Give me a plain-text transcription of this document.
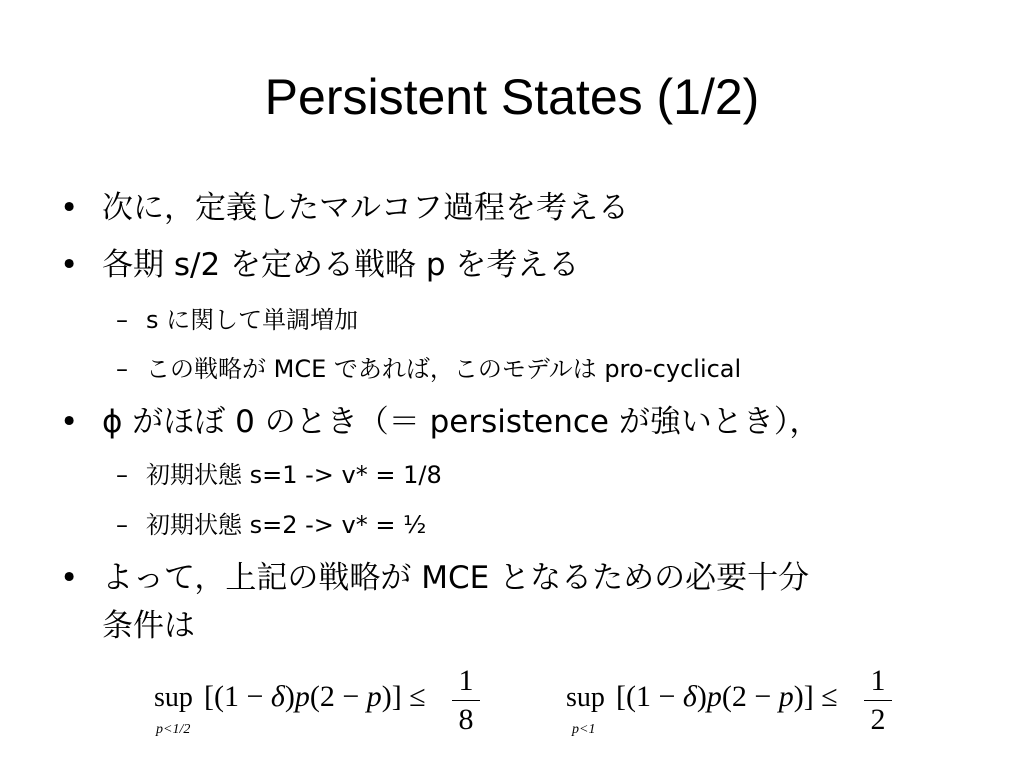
Persistent States (1/2)
• 次に，定義したマルコフ過程を考える
• 各期 s/2 を定める戦略 p を考える
– s に関して単調増加
– この戦略が MCE であれば，このモデルは pro-cyclical
• ϕ がほぼ 0 のとき（＝ persistence が強いとき），
– 初期状態 s=1 -> v* = 1/8
– 初期状態 s=2 -> v* = ½
• よって，上記の戦略が MCE となるための必要十分
条件は
sup
p<1/2
[(1 − δ)p(2 − p)] ≤ 1
8
sup
p<1
[(1 − δ)p(2 − p)] ≤ 1
2
